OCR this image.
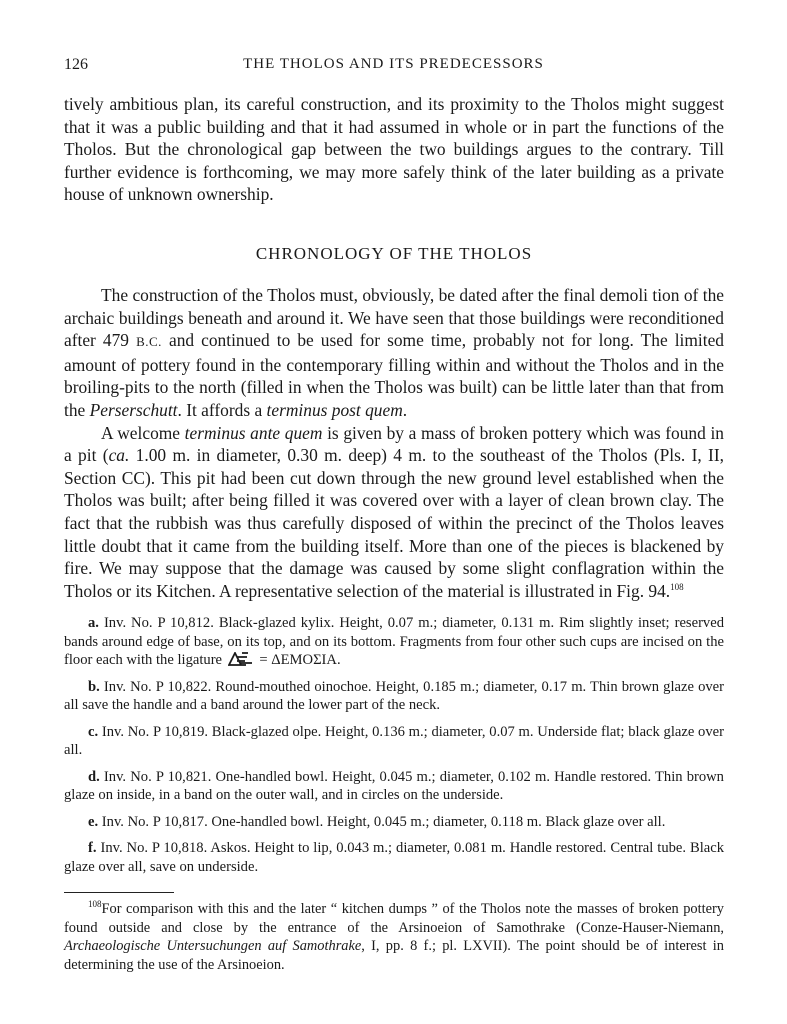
126	THE THOLOS AND ITS PREDECESSORS

tively ambitious plan, its careful construction, and its proximity to the Tholos might suggest that it was a public building and that it had assumed in whole or in part the functions of the Tholos. But the chronological gap between the two buildings argues to the contrary. Till further evidence is forthcoming, we may more safely think of the later building as a private house of unknown ownership.

CHRONOLOGY OF THE THOLOS

The construction of the Tholos must, obviously, be dated after the final demoli tion of the archaic buildings beneath and around it. We have seen that those buildings were reconditioned after 479 B.C. and continued to be used for some time, probably not for long. The limited amount of pottery found in the contemporary filling within and without the Tholos and in the broiling-pits to the north (filled in when the Tholos was built) can be little later than that from the Perserschutt. It affords a terminus post quem.

A welcome terminus ante quem is given by a mass of broken pottery which was found in a pit (ca. 1.00 m. in diameter, 0.30 m. deep) 4 m. to the southeast of the Tholos (Pls. I, II, Section CC). This pit had been cut down through the new ground level established when the Tholos was built; after being filled it was covered over with a layer of clean brown clay. The fact that the rubbish was thus carefully disposed of within the precinct of the Tholos leaves little doubt that it came from the building itself. More than one of the pieces is blackened by fire. We may suppose that the damage was caused by some slight conflagration within the Tholos or its Kitchen. A representative selection of the material is illustrated in Fig. 94.$^{108}$

a. Inv. No. P 10,812. Black-glazed kylix. Height, 0.07 m.; diameter, 0.131 m. Rim slightly inset; reserved bands around edge of base, on its top, and on its bottom. Fragments from four other such cups are incised on the floor each with the ligature	= ΔΕΜΟΣΙΑ.

b. Inv. No. P 10,822. Round-mouthed oinochoe. Height, 0.185 m.; diameter, 0.17 m. Thin brown glaze over all save the handle and a band around the lower part of the neck.

c. Inv. No. P 10,819. Black-glazed olpe. Height, 0.136 m.; diameter, 0.07 m. Underside flat; black glaze over all.

d. Inv. No. P 10,821. One-handled bowl. Height, 0.045 m.; diameter, 0.102 m. Handle restored. Thin brown glaze on inside, in a band on the outer wall, and in circles on the underside.

e. Inv. No. P 10,817. One-handled bowl. Height, 0.045 m.; diameter, 0.118 m. Black glaze over all.

f. Inv. No. P 10,818. Askos. Height to lip, 0.043 m.; diameter, 0.081 m. Handle restored. Central tube. Black glaze over all, save on underside.

$^{108}$For comparison with this and the later “ kitchen dumps ” of the Tholos note the masses of broken pottery found outside and close by the entrance of the Arsinoeion of Samothrake (Conze-Hauser-Niemann, Archaeologische Untersuchungen auf Samothrake, I, pp. 8 f.; pl. LXVII). The point should be of interest in determining the use of the Arsinoeion.
